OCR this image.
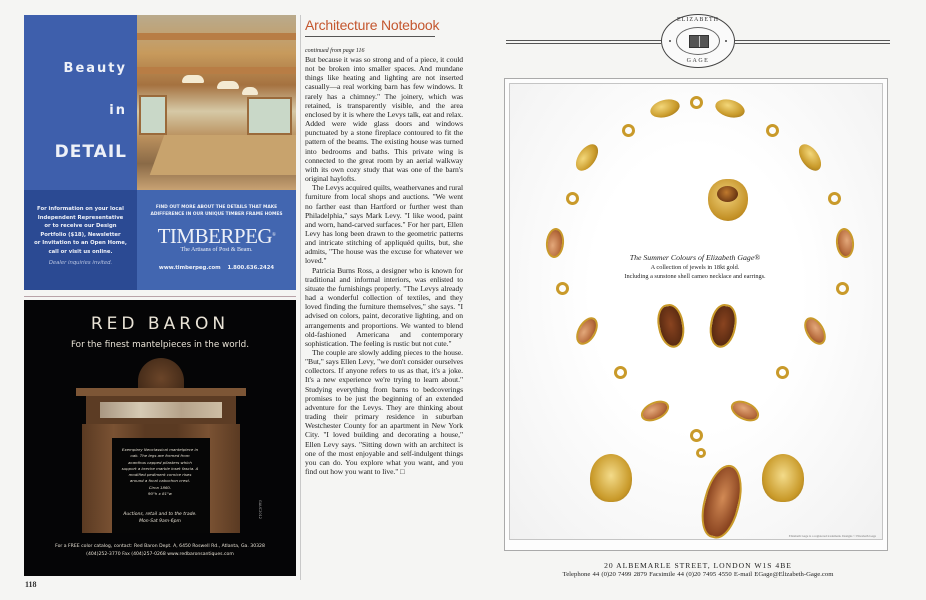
Beauty
in
DETAIL
For information on your local
Independent Representative
or to receive our Design
Portfolio ($18), Newsletter
or Invitation to an Open Home,
call or visit us online.
Dealer inquiries invited.
FIND OUT MORE ABOUT THE DETAILS THAT MAKE
ADIFFERENCE IN OUR UNIQUE TIMBER FRAME HOMES
TIMBERPEG®
The Artisans of Post & Beam.
www.timberpeg.com 1.800.636.2424
RED BARON
For the finest mantelpieces in the world.
Exemplary Neoclassical mantelpiece in
oak. The legs are formed from
acanthus capped pilasters which
support a breche marble inset fascia. A
modified pediment cornice rises
around a focal cabochon crest.
Circa 1860.
90"h x 81"w
Auctions, retail and to the trade.
Mon-Sat 9am-6pm
GAUC2012
For a FREE color catalog, contact: Red Baron Dept. A, 6450 Roswell Rd., Atlanta, Ga. 30328
(404)252-3770 Fax (404)257-0268 www.redbaronsantiques.com
118
Architecture Notebook
continued from page 116

But because it was so strong and of a piece, it could not be broken into smaller spaces. And mundane things like heating and lighting are not inserted casually—a real working barn has few windows. It rarely has a chimney." The joinery, which was retained, is transparently visible, and the area enclosed by it is where the Levys talk, eat and relax. Added were wide glass doors and windows punctuated by a stone fireplace contoured to fit the pattern of the beams. The existing house was turned into bedrooms and baths. This private wing is connected to the great room by an aerial walkway with its own cozy study that was one of the barn's original haylofts.

The Levys acquired quilts, weathervanes and rural furniture from local shops and auctions. "We went no farther east than Hartford or further west than Philadelphia," says Mark Levy. "I like wood, paint and worn, hand-carved surfaces." For her part, Ellen Levy has long been drawn to the geometric patterns and intricate stitching of appliquéd quilts, but, she admits, "The house was the excuse for whatever we loved."

Patricia Burns Ross, a designer who is known for traditional and informal interiors, was enlisted to situate the furnishings properly. "The Levys already had a wonderful collection of textiles, and they loved finding the furniture themselves," she says. "I advised on colors, paint, decorative lighting, and on arrangements and proportions. We wanted to blend old-fashioned Americana and contemporary sophistication. The feeling is rustic but not cute."

The couple are slowly adding pieces to the house. "But," says Ellen Levy, "we don't consider ourselves collectors. If anyone refers to us as that, it's a joke. It's a new experience we're trying to learn about." Studying everything from barns to bedcoverings promises to be just the beginning of an extended adventure for the Levys. They are thinking about trading their primary residence in suburban Westchester County for an apartment in New York City. "I loved building and decorating a house," Ellen Levy says. "Sitting down with an architect is one of the most enjoyable and self-indulgent things you can do. You explore what you want, and you find out how you want to live." □

ELIZABETH
GAGE
The Summer Colours of Elizabeth Gage®
A collection of jewels in 18kt gold.
Including a sunstone shell cameo necklace and earrings.
Elizabeth Gage is a registered trademark. Designs © Elizabeth Gage
20 ALBEMARLE STREET, LONDON W1S 4BE
Telephone 44 (0)20 7499 2879 Facsimile 44 (0)20 7495 4550 E-mail EGage@Elizabeth-Gage.com
